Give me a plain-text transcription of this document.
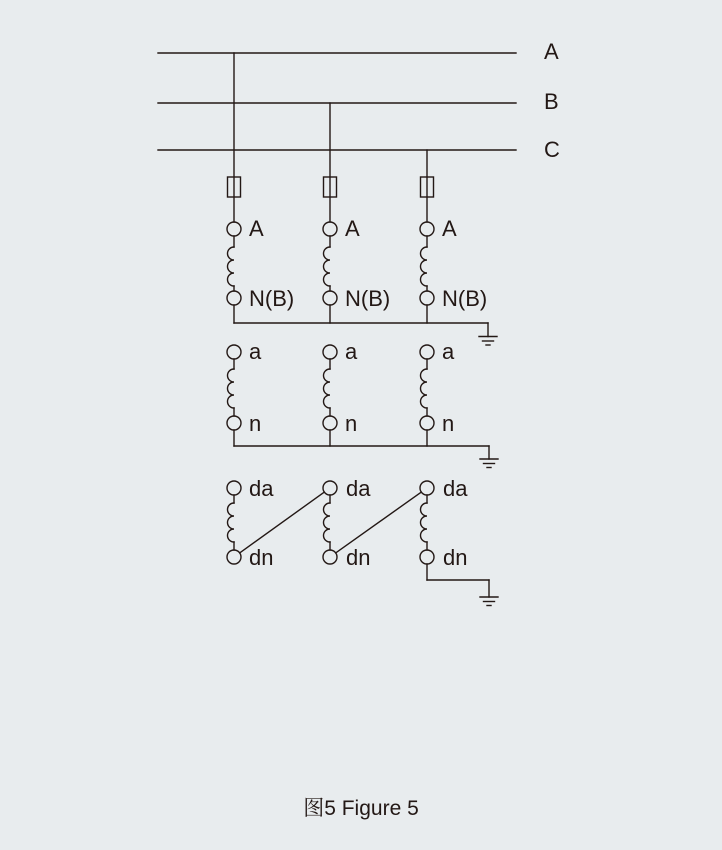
A
B
C
A
N(B)
a
n
da
dn
A
N(B)
a
n
da
dn
A
N(B)
a
n
da
dn
图5 Figure 5
